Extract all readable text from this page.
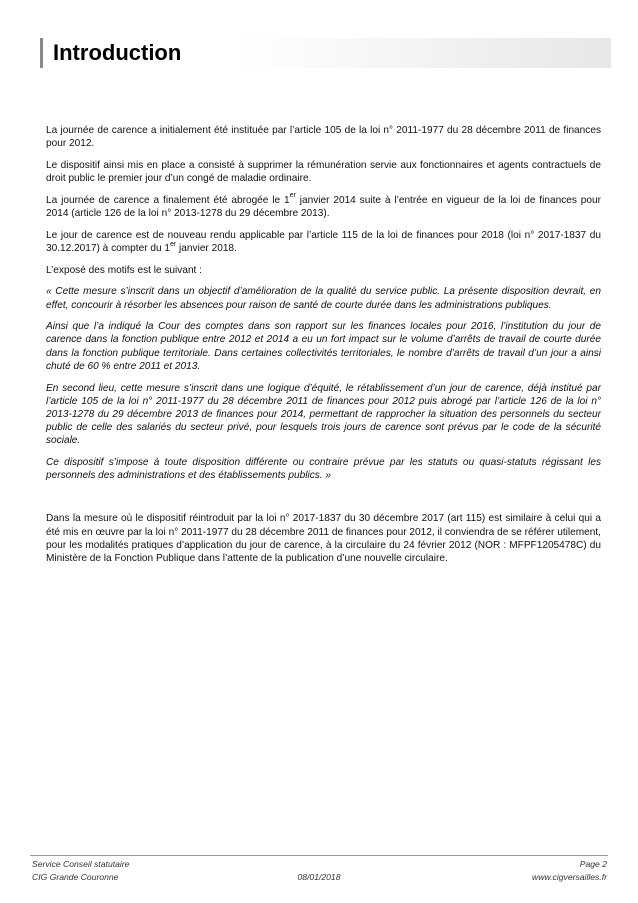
Introduction

La journée de carence a initialement été instituée par l’article 105 de la loi n° 2011-1977 du 28 décembre 2011 de finances pour 2012.

Le dispositif ainsi mis en place a consisté à supprimer la rémunération servie aux fonctionnaires et agents contractuels de droit public le premier jour d’un congé de maladie ordinaire.

La journée de carence a finalement été abrogée le 1er janvier 2014 suite à l’entrée en vigueur de la loi de finances pour 2014 (article 126 de la loi n° 2013-1278 du 29 décembre 2013).

Le jour de carence est de nouveau rendu applicable par l’article 115 de la loi de finances pour 2018 (loi n° 2017-1837 du 30.12.2017) à compter du 1er janvier 2018.

L’exposé des motifs est le suivant :

« Cette mesure s’inscrit dans un objectif d’amélioration de la qualité du service public. La présente disposition devrait, en effet, concourir à résorber les absences pour raison de santé de courte durée dans les administrations publiques.

Ainsi que l’a indiqué la Cour des comptes dans son rapport sur les finances locales pour 2016, l’institution du jour de carence dans la fonction publique entre 2012 et 2014 a eu un fort impact sur le volume d’arrêts de travail de courte durée dans la fonction publique territoriale. Dans certaines collectivités territoriales, le nombre d’arrêts de travail d’un jour a ainsi chuté de 60 % entre 2011 et 2013.

En second lieu, cette mesure s’inscrit dans une logique d’équité, le rétablissement d’un jour de carence, déjà institué par l’article 105 de la loi n° 2011-1977 du 28 décembre 2011 de finances pour 2012 puis abrogé par l’article 126 de la loi n° 2013-1278 du 29 décembre 2013 de finances pour 2014, permettant de rapprocher la situation des personnels du secteur public de celle des salariés du secteur privé, pour lesquels trois jours de carence sont prévus par le code de la sécurité sociale.

Ce dispositif s’impose à toute disposition différente ou contraire prévue par les statuts ou quasi-statuts régissant les personnels des administrations et des établissements publics. »

Dans la mesure où le dispositif réintroduit par la loi n° 2017-1837 du 30 décembre 2017 (art 115) est similaire à celui qui a été mis en œuvre par la loi n° 2011-1977 du 28 décembre 2011 de finances pour 2012, il conviendra de se référer utilement, pour les modalités pratiques d’application du jour de carence, à la circulaire du 24 février 2012 (NOR : MFPF1205478C) du Ministère de la Fonction Publique dans l’attente de la publication d’une nouvelle circulaire.

Service Conseil statutaire
CIG Grande Couronne	08/01/2018
Page 2
www.cigversailles.fr
